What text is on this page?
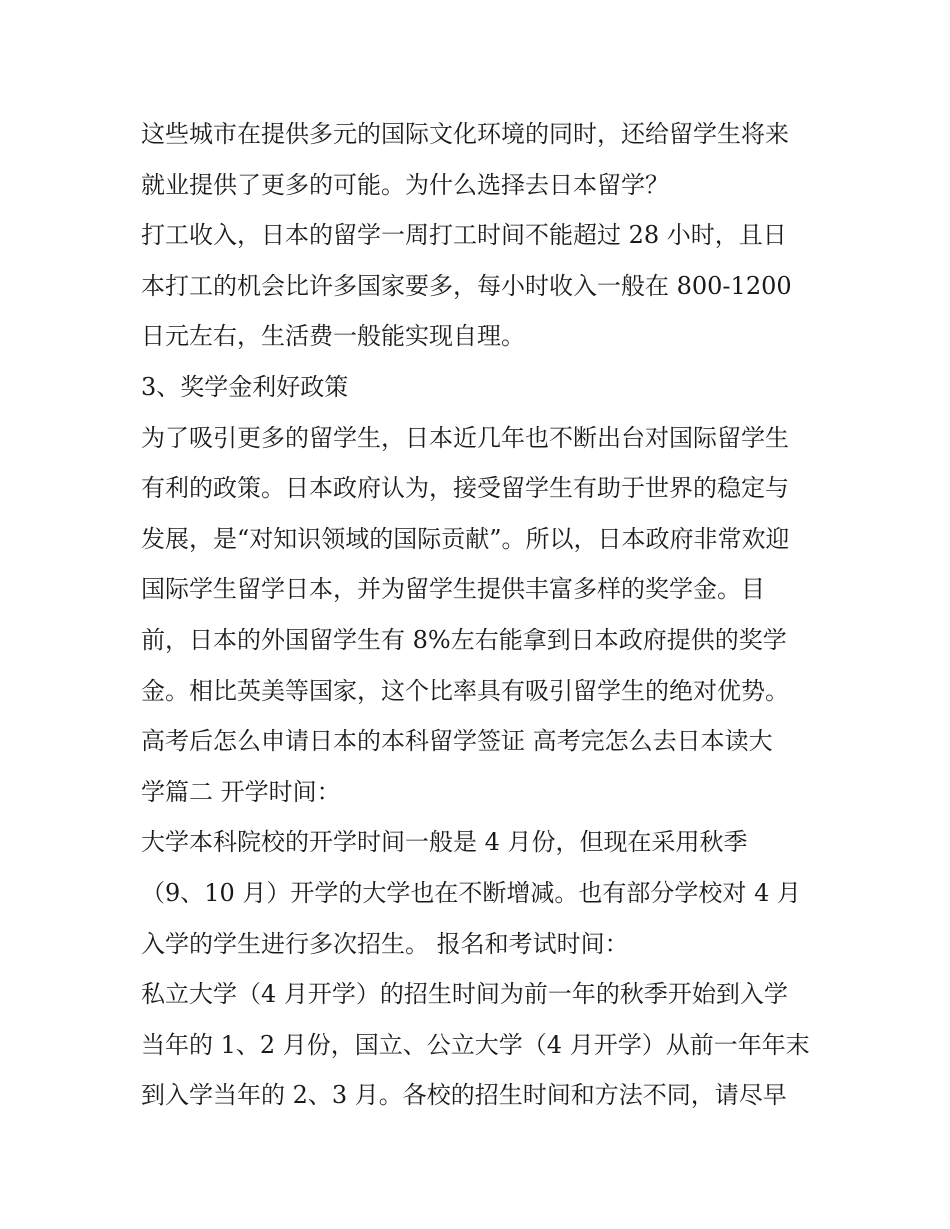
这些城市在提供多元的国际文化环境的同时，还给留学生将来
就业提供了更多的可能。为什么选择去日本留学？
打工收入，日本的留学一周打工时间不能超过 28 小时，且日
本打工的机会比许多国家要多，每小时收入一般在 800-1200
日元左右，生活费一般能实现自理。
3、奖学金利好政策
为了吸引更多的留学生，日本近几年也不断出台对国际留学生
有利的政策。日本政府认为，接受留学生有助于世界的稳定与
发展，是“对知识领域的国际贡献”。所以，日本政府非常欢迎
国际学生留学日本，并为留学生提供丰富多样的奖学金。目
前，日本的外国留学生有 8%左右能拿到日本政府提供的奖学
金。相比英美等国家，这个比率具有吸引留学生的绝对优势。
高考后怎么申请日本的本科留学签证 高考完怎么去日本读大
学篇二 开学时间：
大学本科院校的开学时间一般是 4 月份，但现在采用秋季
（9、10 月）开学的大学也在不断增减。也有部分学校对 4 月
入学的学生进行多次招生。 报名和考试时间：
私立大学（4 月开学）的招生时间为前一年的秋季开始到入学
当年的 1、2 月份，国立、公立大学（4 月开学）从前一年年末
到入学当年的 2、3 月。各校的招生时间和方法不同，请尽早
